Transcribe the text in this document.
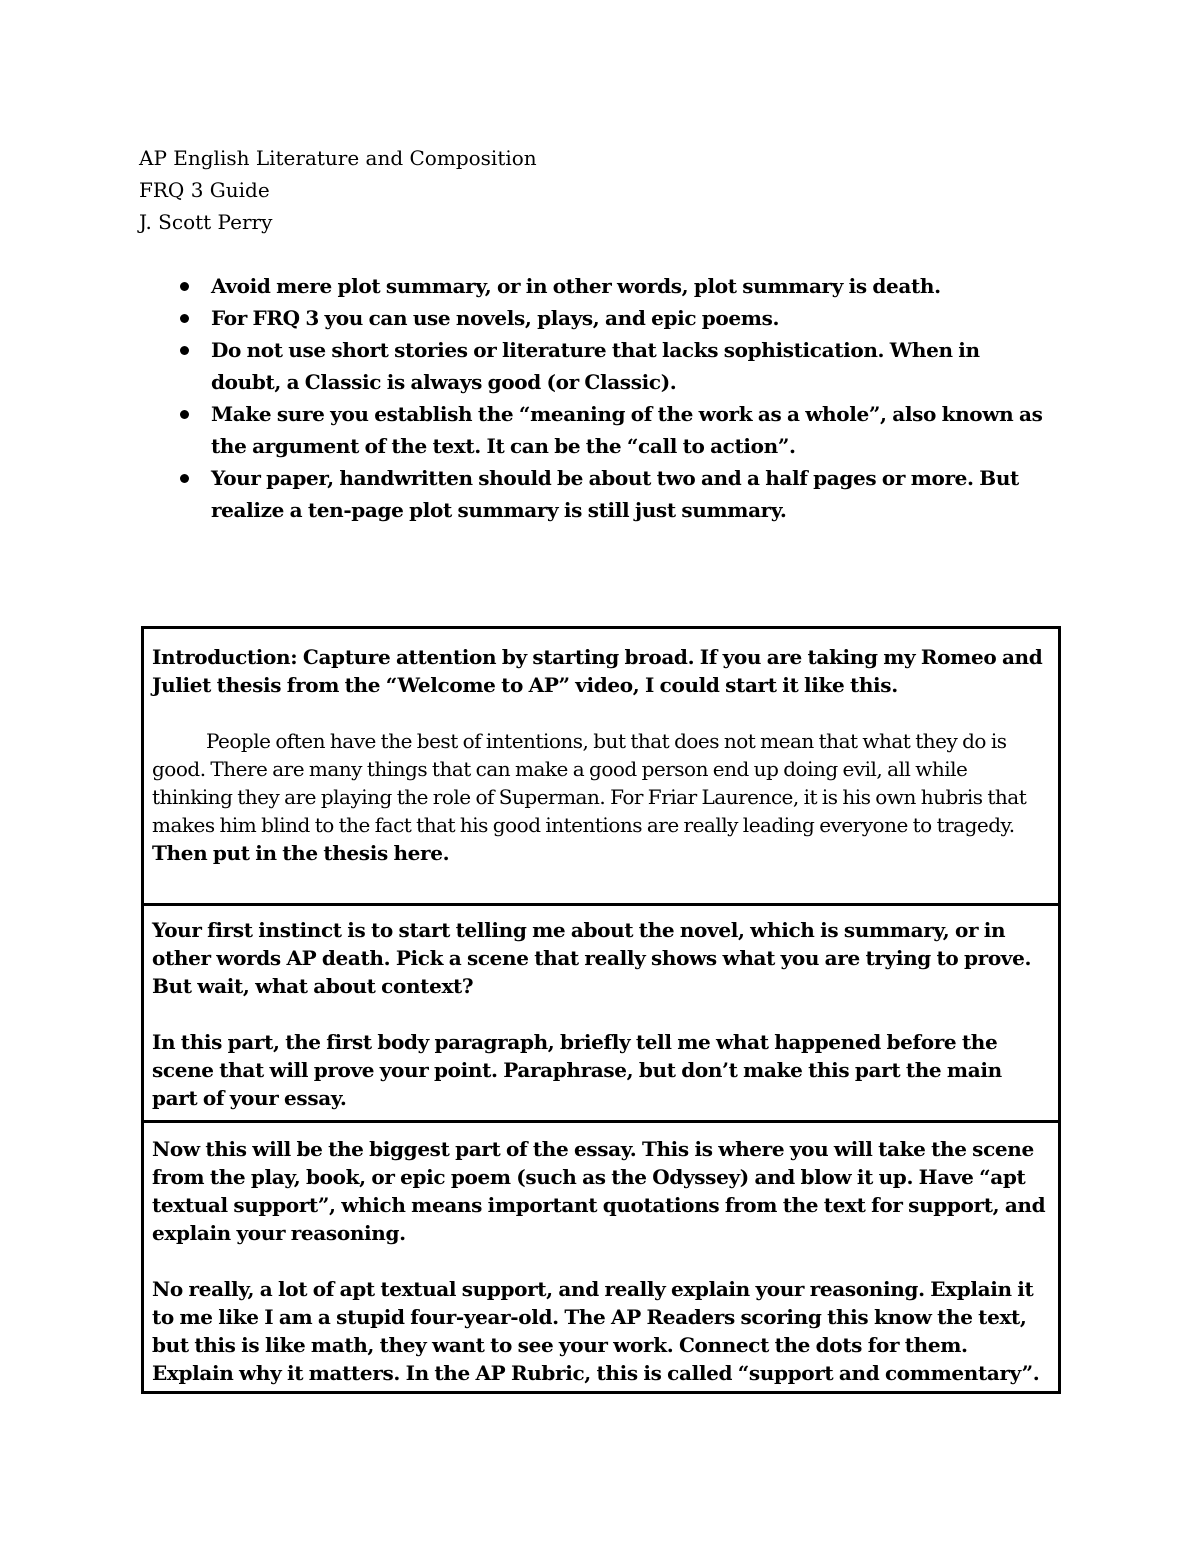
AP English Literature and Composition
FRQ 3 Guide
J. Scott Perry
Avoid mere plot summary, or in other words, plot summary is death.
For FRQ 3 you can use novels, plays, and epic poems.
Do not use short stories or literature that lacks sophistication. When in doubt, a Classic is always good (or Classic).
Make sure you establish the “meaning of the work as a whole”, also known as the argument of the text. It can be the “call to action”.
Your paper, handwritten should be about two and a half pages or more. But realize a ten-page plot summary is still just summary.

Introduction: Capture attention by starting broad. If you are taking my Romeo and Juliet thesis from the “Welcome to AP” video, I could start it like this.

People often have the best of intentions, but that does not mean that what they do is good. There are many things that can make a good person end up doing evil, all while thinking they are playing the role of Superman. For Friar Laurence, it is his own hubris that makes him blind to the fact that his good intentions are really leading everyone to tragedy.
Then put in the thesis here.

Your first instinct is to start telling me about the novel, which is summary, or in other words AP death. Pick a scene that really shows what you are trying to prove. But wait, what about context?

In this part, the first body paragraph, briefly tell me what happened before the scene that will prove your point. Paraphrase, but don’t make this part the main part of your essay.

Now this will be the biggest part of the essay. This is where you will take the scene from the play, book, or epic poem (such as the Odyssey) and blow it up. Have “apt textual support”, which means important quotations from the text for support, and explain your reasoning.

No really, a lot of apt textual support, and really explain your reasoning. Explain it to me like I am a stupid four-year-old. The AP Readers scoring this know the text, but this is like math, they want to see your work. Connect the dots for them. Explain why it matters. In the AP Rubric, this is called “support and commentary”.
